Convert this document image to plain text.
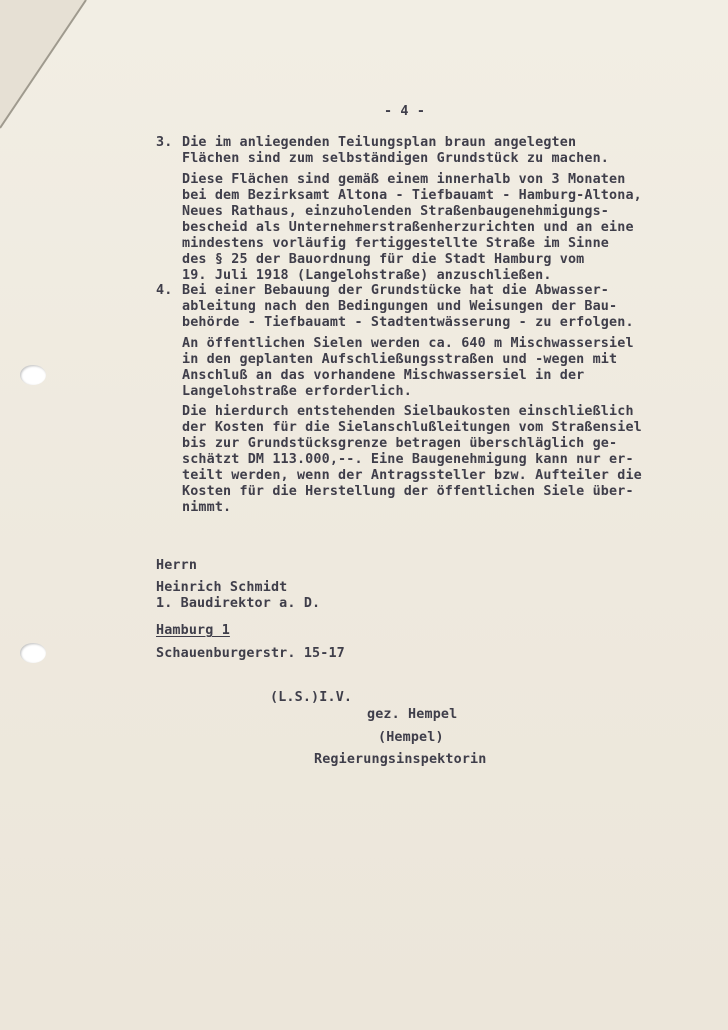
- 4 -
3. Die im anliegenden Teilungsplan braun angelegten
Flächen sind zum selbständigen Grundstück zu machen.
Diese Flächen sind gemäß einem innerhalb von 3 Monaten
bei dem Bezirksamt Altona - Tiefbauamt - Hamburg-Altona,
Neues Rathaus, einzuholenden Straßenbaugenehmigungs-
bescheid als Unternehmerstraßenherzurichten und an eine
mindestens vorläufig fertiggestellte Straße im Sinne
des § 25 der Bauordnung für die Stadt Hamburg vom
19. Juli 1918 (Langelohstraße) anzuschließen.
4. Bei einer Bebauung der Grundstücke hat die Abwasser-
ableitung nach den Bedingungen und Weisungen der Bau-
behörde - Tiefbauamt - Stadtentwässerung - zu erfolgen.
An öffentlichen Sielen werden ca. 640 m Mischwassersiel
in den geplanten Aufschließungsstraßen und -wegen mit
Anschluß an das vorhandene Mischwassersiel in der
Langelohstraße erforderlich.
Die hierdurch entstehenden Sielbaukosten einschließlich
der Kosten für die Sielanschlußleitungen vom Straßensiel
bis zur Grundstücksgrenze betragen überschläglich ge-
schätzt DM 113.000,--. Eine Baugenehmigung kann nur er-
teilt werden, wenn der Antragssteller bzw. Aufteiler die
Kosten für die Herstellung der öffentlichen Siele über-
nimmt.
Herrn
Heinrich Schmidt
1. Baudirektor a. D.
Hamburg 1
Schauenburgerstr. 15-17
(L.S.)I.V.
gez. Hempel
(Hempel)
Regierungsinspektorin
